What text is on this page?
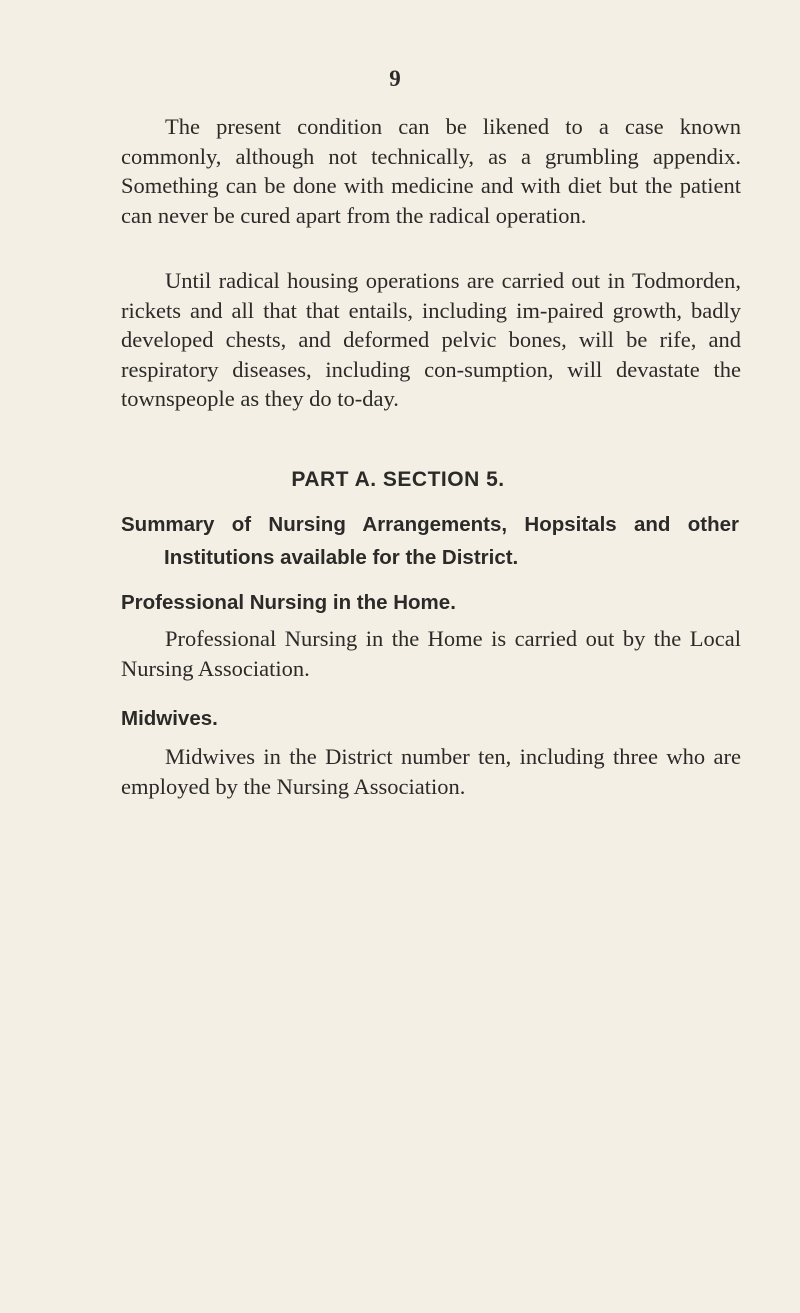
9

The present condition can be likened to a case known commonly, although not technically, as a grumbling appendix. Something can be done with medicine and with diet but the patient can never be cured apart from the radical operation.

Until radical housing operations are carried out in Todmorden, rickets and all that that entails, including im-paired growth, badly developed chests, and deformed pelvic bones, will be rife, and respiratory diseases, including con-sumption, will devastate the townspeople as they do to-day.

PART A. SECTION 5.
Summary of Nursing Arrangements, Hopsitals and other
Institutions available for the District.
Professional Nursing in the Home.

Professional Nursing in the Home is carried out by the Local Nursing Association.

Midwives.

Midwives in the District number ten, including three who are employed by the Nursing Association.
